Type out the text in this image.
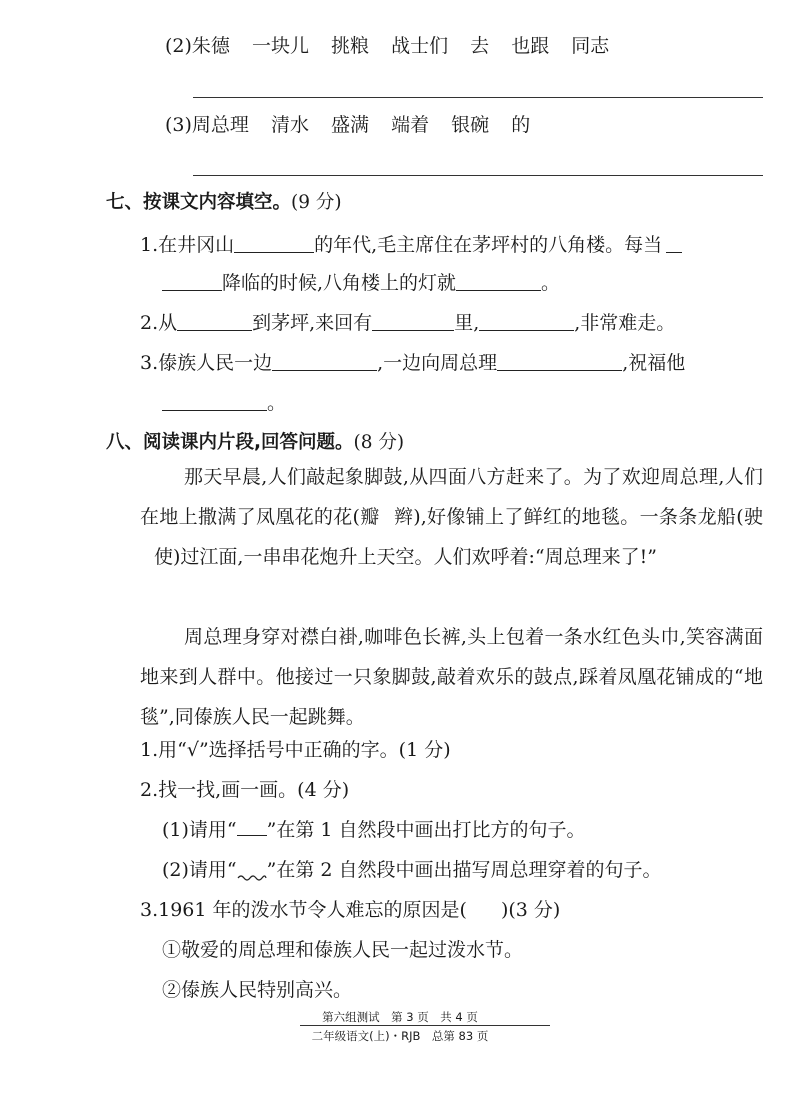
(2)朱德 一块儿 挑粮 战士们 去 也跟 同志
(3)周总理 清水 盛满 端着 银碗 的
七、按课文内容填空。(9 分)
1.在井冈山	的年代,毛主席住在茅坪村的八角楼。每当
降临的时候,八角楼上的灯就	。
2.从	到茅坪,来回有	里,	,非常难走。
3.傣族人民一边	,一边向周总理	,祝福他
。
八、阅读课内片段,回答问题。(8 分)
那天早晨,人们敲起象脚鼓,从四面八方赶来了。为了欢迎周总理,人们在地上撒满了凤凰花的花(瓣 辫),好像铺上了鲜红的地毯。一条条龙船(驶使)过江面,一串串花炮升上天空。人们欢呼着:“周总理来了!”
周总理身穿对襟白褂,咖啡色长裤,头上包着一条水红色头巾,笑容满面地来到人群中。他接过一只象脚鼓,敲着欢乐的鼓点,踩着凤凰花铺成的“地毯”,同傣族人民一起跳舞。
1.用“√”选择括号中正确的字。(1 分)
2.找一找,画一画。(4 分)
(1)请用“ ”在第 1 自然段中画出打比方的句子。
(2)请用“ ”在第 2 自然段中画出描写周总理穿着的句子。
3.1961 年的泼水节令人难忘的原因是( )(3 分)
①敬爱的周总理和傣族人民一起过泼水节。
②傣族人民特别高兴。
第六组测试　第 3 页　共 4 页
二年级语文(上)・RJB　总第 83 页
